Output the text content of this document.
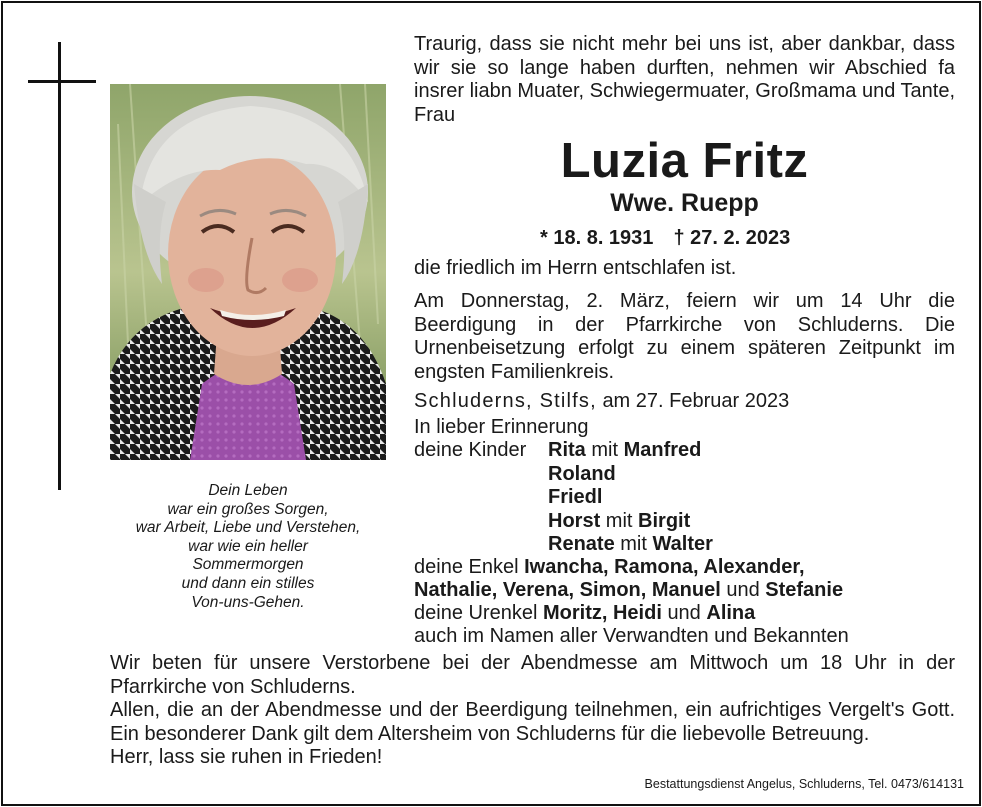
Dein Leben
war ein großes Sorgen,
war Arbeit, Liebe und Verstehen,
war wie ein heller
Sommermorgen
und dann ein stilles
Von-uns-Gehen.
Traurig, dass sie nicht mehr bei uns ist, aber dankbar, dass wir sie so lange haben durften, nehmen wir Abschied fa insrer liabn Muater, Schwiegermuater, Großmama und Tante, Frau
Luzia Fritz
Wwe. Ruepp
* 18. 8. 1931 † 27. 2. 2023
die friedlich im Herrn entschlafen ist.
Am Donnerstag, 2. März, feiern wir um 14 Uhr die Beerdigung in der Pfarrkirche von Schluderns. Die Urnenbeisetzung erfolgt zu einem späteren Zeitpunkt im engsten Familienkreis.
Schluderns, Stilfs, am 27. Februar 2023
In lieber Erinnerung
deine Kinder Rita mit Manfred
Roland
Friedl
Horst mit Birgit
Renate mit Walter
deine Enkel Iwancha, Ramona, Alexander,
Nathalie, Verena, Simon, Manuel und Stefanie
deine Urenkel Moritz, Heidi und Alina
auch im Namen aller Verwandten und Bekannten

Wir beten für unsere Verstorbene bei der Abendmesse am Mittwoch um 18 Uhr in der Pfarrkirche von Schluderns.

Allen, die an der Abendmesse und der Beerdigung teilnehmen, ein aufrichtiges Vergelt's Gott. Ein besonderer Dank gilt dem Altersheim von Schluderns für die liebevolle Betreuung.

Herr, lass sie ruhen in Frieden!

Bestattungsdienst Angelus, Schluderns, Tel. 0473/614131
